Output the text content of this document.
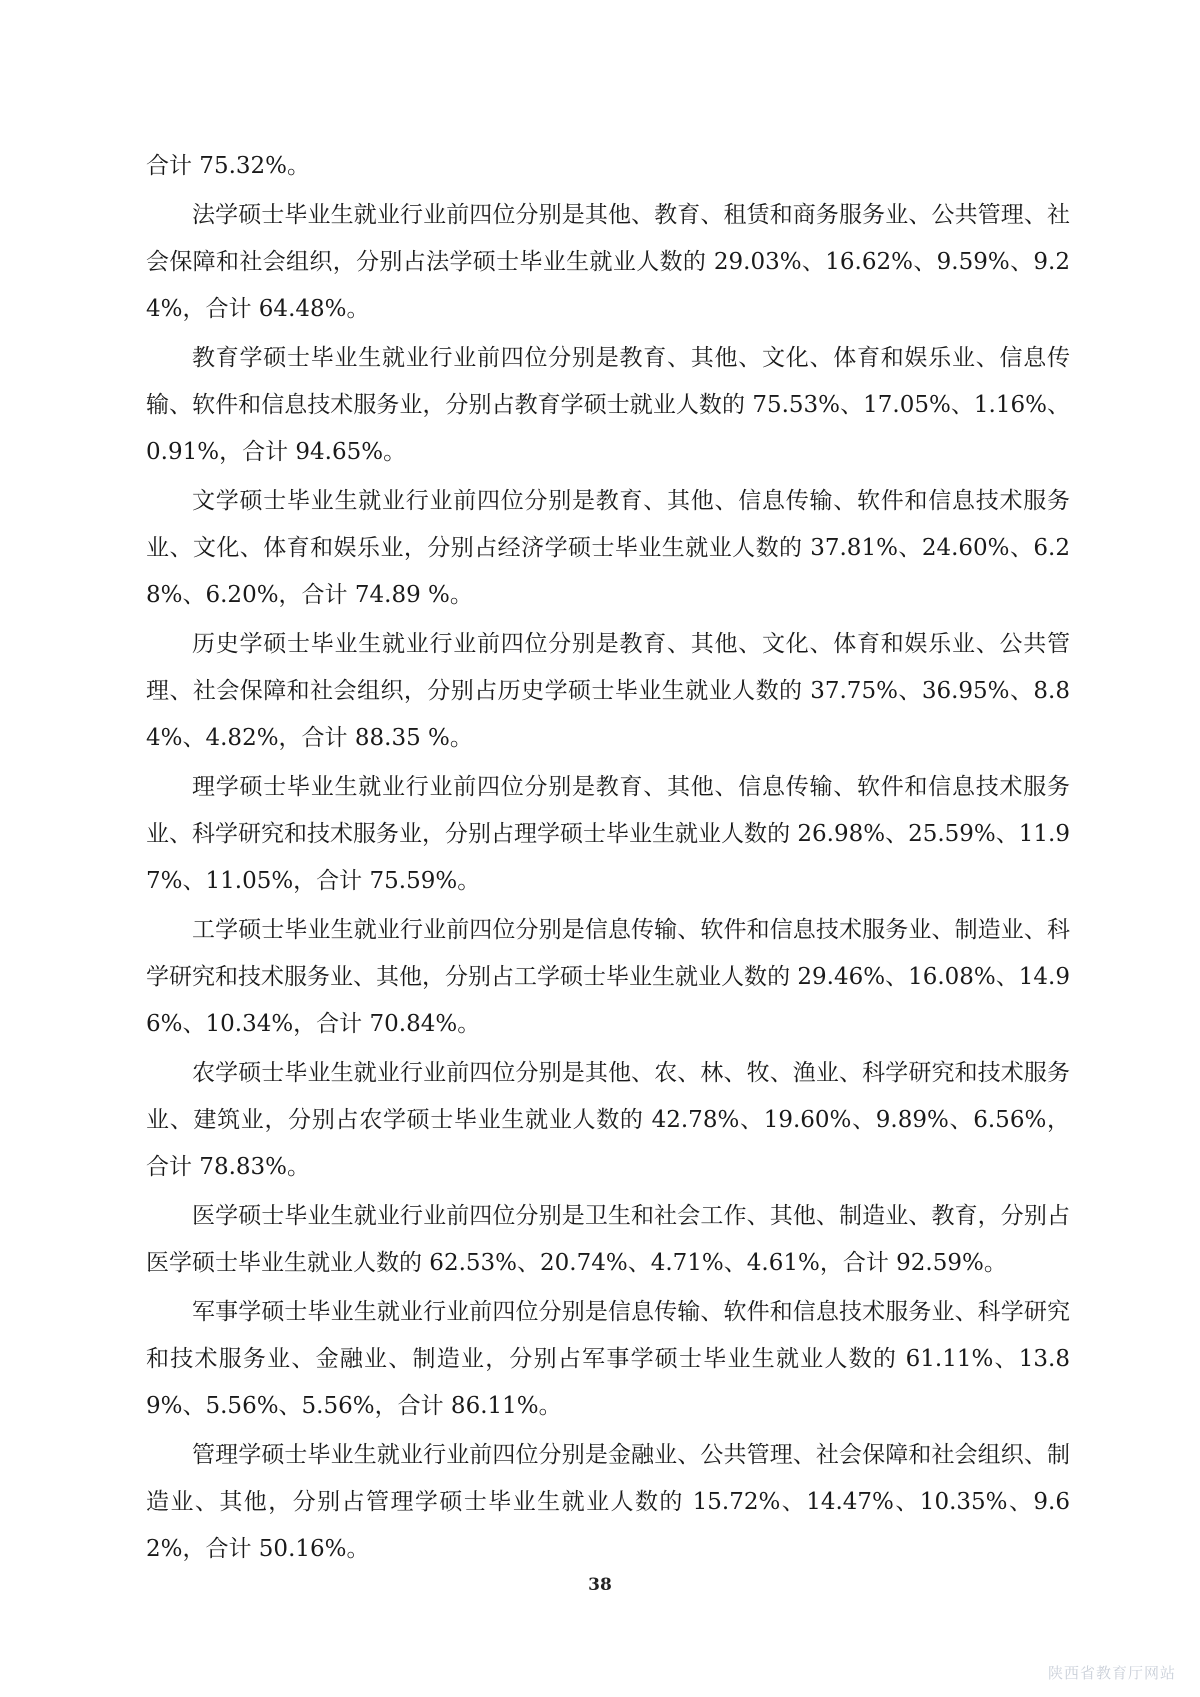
合计 75.32%。

法学硕士毕业生就业行业前四位分别是其他、教育、租赁和商务服务业、公共管理、社会保障和社会组织，分别占法学硕士毕业生就业人数的 29.03%、16.62%、9.59%、9.24%，合计 64.48%。

教育学硕士毕业生就业行业前四位分别是教育、其他、文化、体育和娱乐业、信息传输、软件和信息技术服务业，分别占教育学硕士就业人数的 75.53%、17.05%、1.16%、0.91%，合计 94.65%。

文学硕士毕业生就业行业前四位分别是教育、其他、信息传输、软件和信息技术服务业、文化、体育和娱乐业，分别占经济学硕士毕业生就业人数的 37.81%、24.60%、6.28%、6.20%，合计 74.89 %。

历史学硕士毕业生就业行业前四位分别是教育、其他、文化、体育和娱乐业、公共管理、社会保障和社会组织，分别占历史学硕士毕业生就业人数的 37.75%、36.95%、8.84%、4.82%，合计 88.35 %。

理学硕士毕业生就业行业前四位分别是教育、其他、信息传输、软件和信息技术服务业、科学研究和技术服务业，分别占理学硕士毕业生就业人数的 26.98%、25.59%、11.97%、11.05%，合计 75.59%。

工学硕士毕业生就业行业前四位分别是信息传输、软件和信息技术服务业、制造业、科学研究和技术服务业、其他，分别占工学硕士毕业生就业人数的 29.46%、16.08%、14.96%、10.34%，合计 70.84%。

农学硕士毕业生就业行业前四位分别是其他、农、林、牧、渔业、科学研究和技术服务业、建筑业，分别占农学硕士毕业生就业人数的 42.78%、19.60%、9.89%、6.56%，合计 78.83%。

医学硕士毕业生就业行业前四位分别是卫生和社会工作、其他、制造业、教育，分别占医学硕士毕业生就业人数的 62.53%、20.74%、4.71%、4.61%，合计 92.59%。

军事学硕士毕业生就业行业前四位分别是信息传输、软件和信息技术服务业、科学研究和技术服务业、金融业、制造业，分别占军事学硕士毕业生就业人数的 61.11%、13.89%、5.56%、5.56%，合计 86.11%。

管理学硕士毕业生就业行业前四位分别是金融业、公共管理、社会保障和社会组织、制造业、其他，分别占管理学硕士毕业生就业人数的 15.72%、14.47%、10.35%、9.62%，合计 50.16%。

38
陕西省教育厅网站
